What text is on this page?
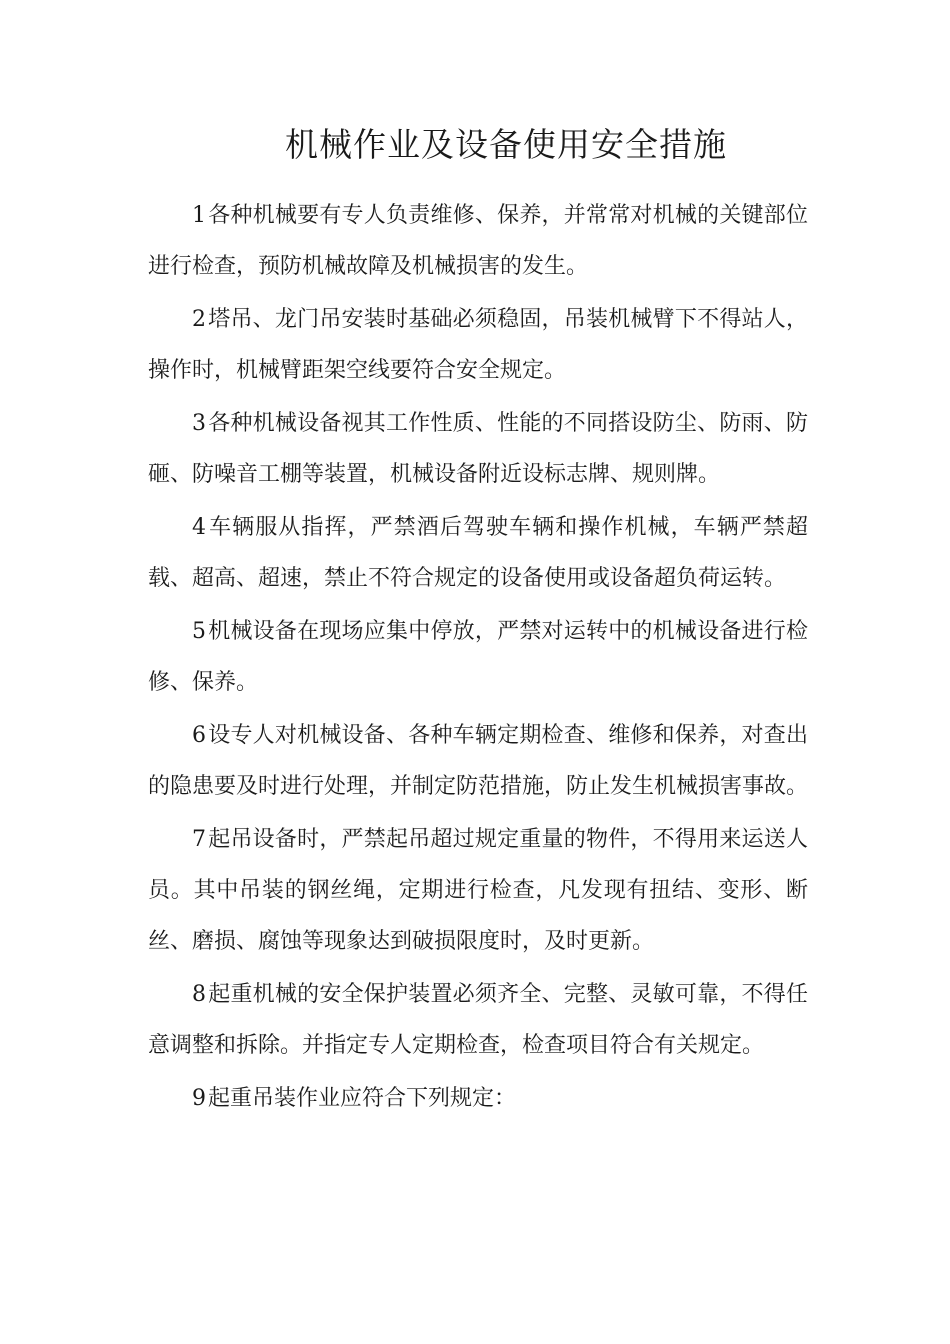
机械作业及设备使用安全措施

1各种机械要有专人负责维修、保养，并常常对机械的关键部位进行检查，预防机械故障及机械损害的发生。

2塔吊、龙门吊安装时基础必须稳固，吊装机械臂下不得站人，操作时，机械臂距架空线要符合安全规定。

3各种机械设备视其工作性质、性能的不同搭设防尘、防雨、防砸、防噪音工棚等装置，机械设备附近设标志牌、规则牌。

4车辆服从指挥，严禁酒后驾驶车辆和操作机械，车辆严禁超载、超高、超速，禁止不符合规定的设备使用或设备超负荷运转。

5机械设备在现场应集中停放，严禁对运转中的机械设备进行检修、保养。

6设专人对机械设备、各种车辆定期检查、维修和保养，对查出的隐患要及时进行处理，并制定防范措施，防止发生机械损害事故。

7起吊设备时，严禁起吊超过规定重量的物件，不得用来运送人员。其中吊装的钢丝绳，定期进行检查，凡发现有扭结、变形、断丝、磨损、腐蚀等现象达到破损限度时，及时更新。

8起重机械的安全保护装置必须齐全、完整、灵敏可靠，不得任意调整和拆除。并指定专人定期检查，检查项目符合有关规定。

9起重吊装作业应符合下列规定：
